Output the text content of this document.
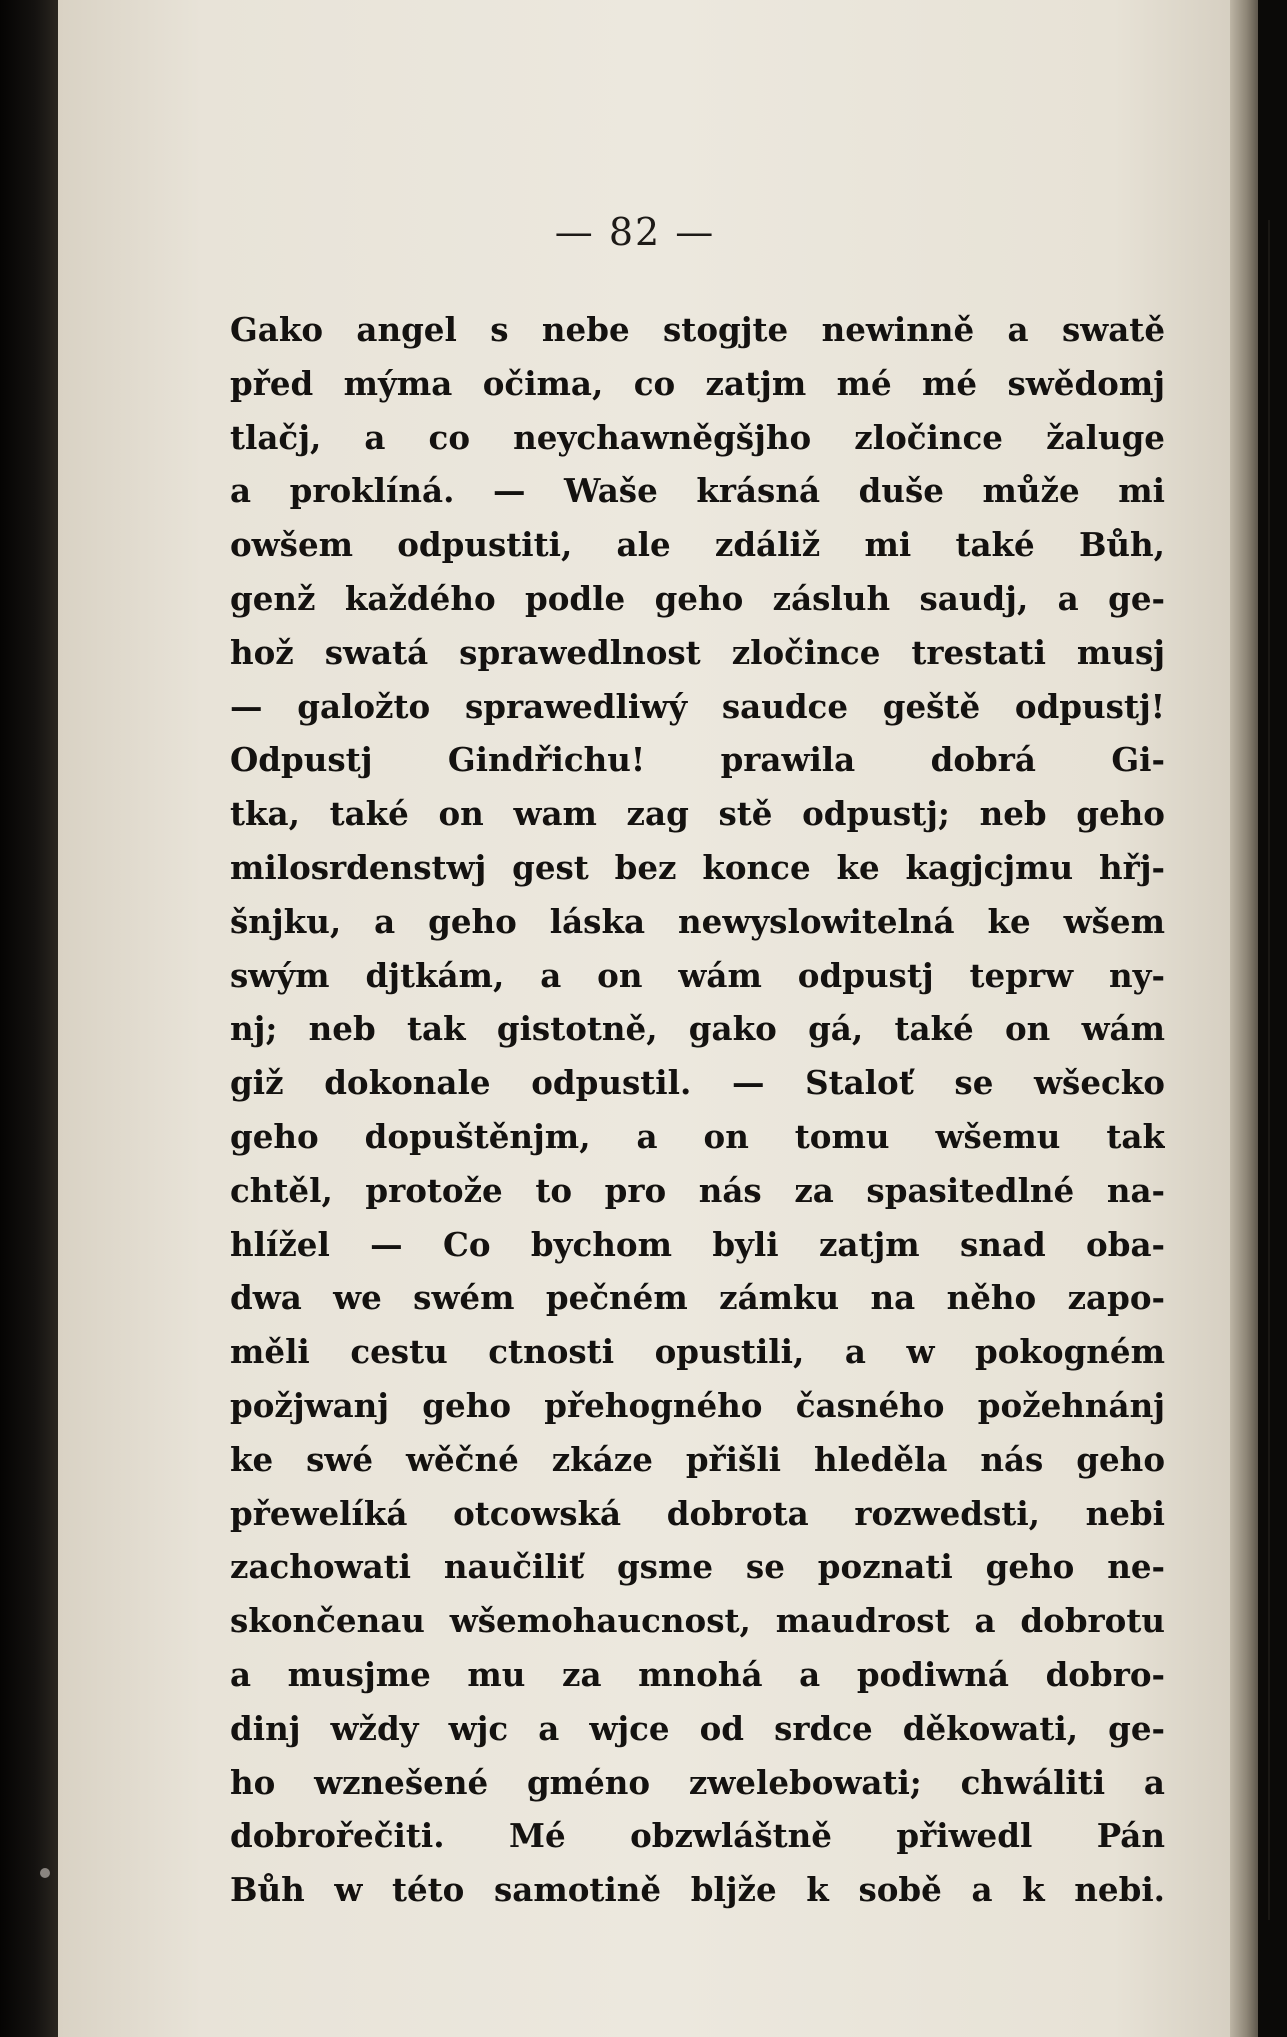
— 82 —
Gako angel s nebe stogjte newinně a swatě
před mýma očima, co zatjm mé mé swědomj
tlačj, a co neychawněgšjho zločince žaluge
a proklíná. — Waše krásná duše může mi
owšem odpustiti, ale zdáliž mi také Bůh,
genž každého podle geho zásluh saudj, a ge-
hož swatá sprawedlnost zločince trestati musj
— galožto sprawedliwý saudce geště odpustj!
Odpustj Gindřichu! prawila dobrá Gi-
tka, také on wam zag stě odpustj; neb geho
milosrdenstwj gest bez konce ke kagjcjmu hřj-
šnjku, a geho láska newyslowitelná ke wšem
swým djtkám, a on wám odpustj teprw ny-
nj; neb tak gistotně, gako gá, také on wám
giž dokonale odpustil. — Staloť se wšecko
geho dopuštěnjm, a on tomu wšemu tak
chtěl, protože to pro nás za spasitedlné na-
hlížel — Co bychom byli zatjm snad oba-
dwa we swém pečném zámku na něho zapo-
měli cestu ctnosti opustili, a w pokogném
požjwanj geho přehogného časného požehnánj
ke swé wěčné zkáze přišli hleděla nás geho
přewelíká otcowská dobrota rozwedsti, nebi
zachowati naučiliť gsme se poznati geho ne-
skončenau wšemohaucnost, maudrost a dobrotu
a musjme mu za mnohá a podiwná dobro-
dinj wždy wjc a wjce od srdce děkowati, ge-
ho wznešené gméno zwelebowati; chwáliti a
dobrořečiti. Mé obzwláštně přiwedl Pán
Bůh w této samotině bljže k sobě a k nebi.
